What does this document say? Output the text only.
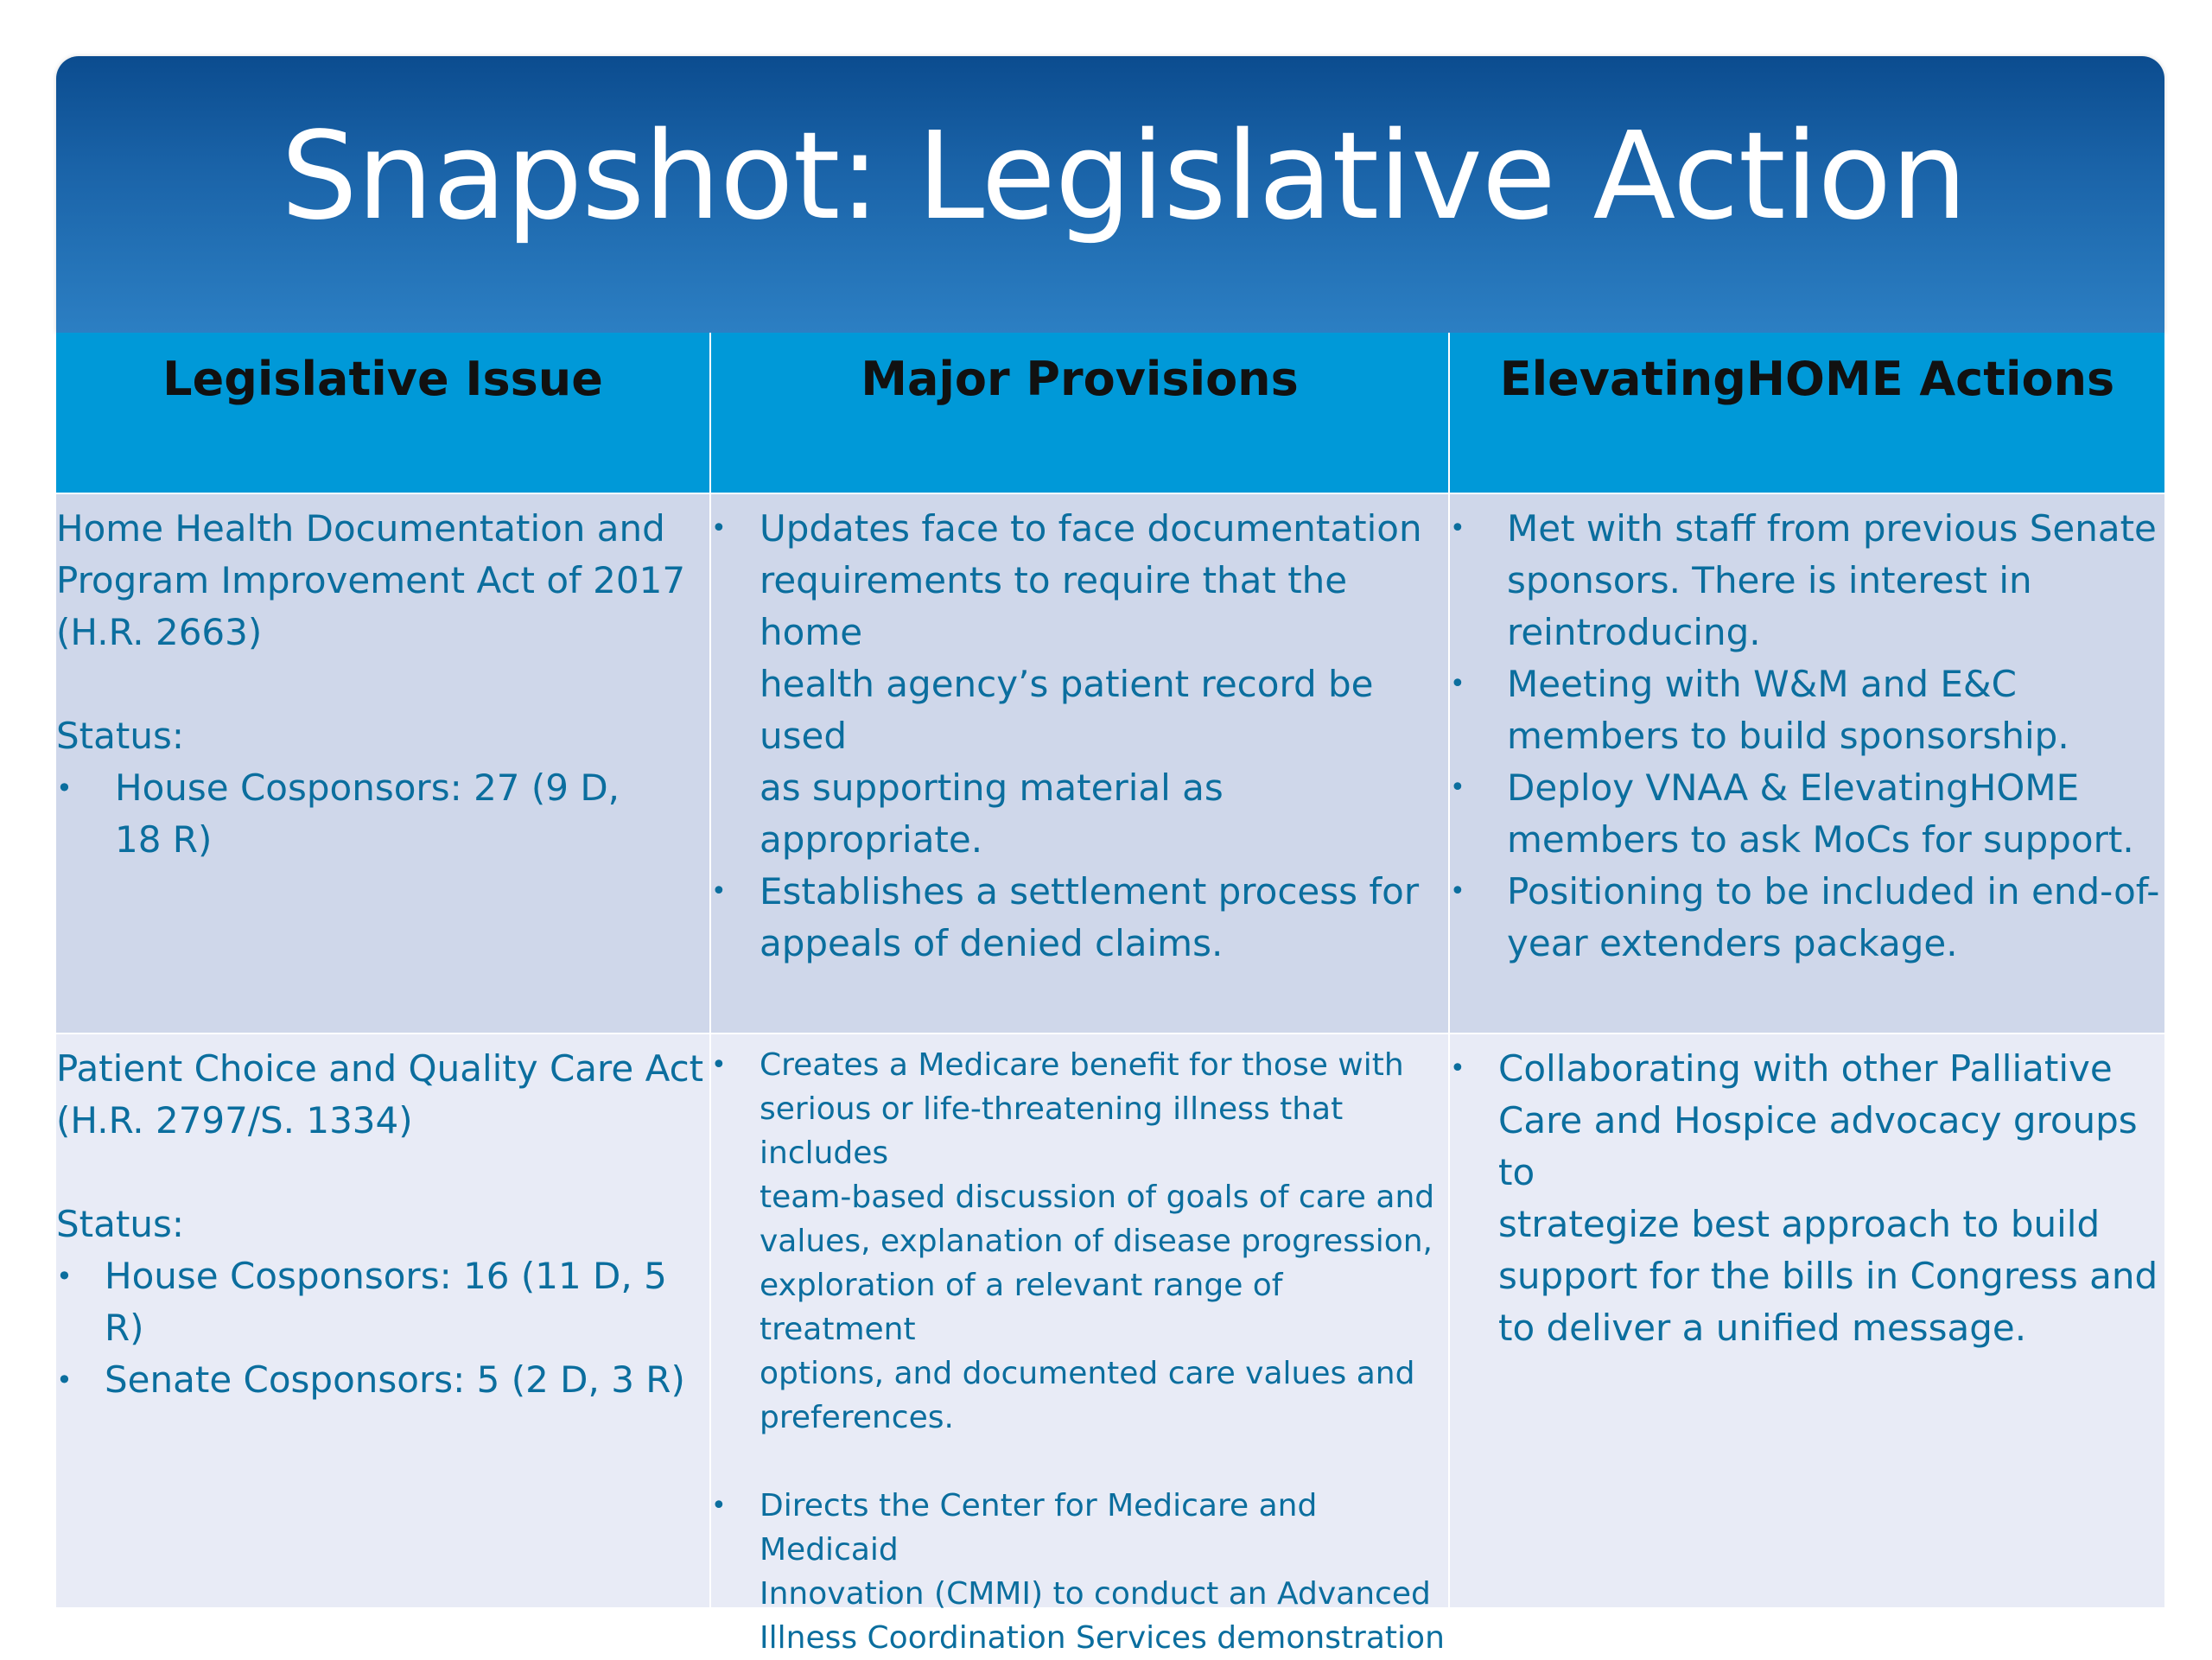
Snapshot: Legislative Action
Legislative Issue	Major Provisions	ElevatingHOME Actions

Home Health Documentation and
Program Improvement Act of 2017
(H.R. 2663)

Status:

• House Cosponsors: 27 (9 D,
18 R)
• Updates face to face documentation
requirements to require that the home
health agency’s patient record be used
as supporting material as appropriate.
• Establishes a settlement process for
appeals of denied claims.
• Met with staff from previous Senate
sponsors. There is interest in
reintroducing.
• Meeting with W&M and E&C
members to build sponsorship.
• Deploy VNAA & ElevatingHOME
members to ask MoCs for support.
• Positioning to be included in end-of-
year extenders package.

Patient Choice and Quality Care Act
(H.R. 2797/S. 1334)

Status:

• House Cosponsors: 16 (11 D, 5 R)
• Senate Cosponsors: 5 (2 D, 3 R)
• Creates a Medicare benefit for those with
serious or life-threatening illness that includes
team-based discussion of goals of care and
values, explanation of disease progression,
exploration of a relevant range of treatment
options, and documented care values and
preferences.
• Directs the Center for Medicare and Medicaid
Innovation (CMMI) to conduct an Advanced
Illness Coordination Services demonstration
• Collaborating with other Palliative
Care and Hospice advocacy groups to
strategize best approach to build
support for the bills in Congress and
to deliver a unified message.
